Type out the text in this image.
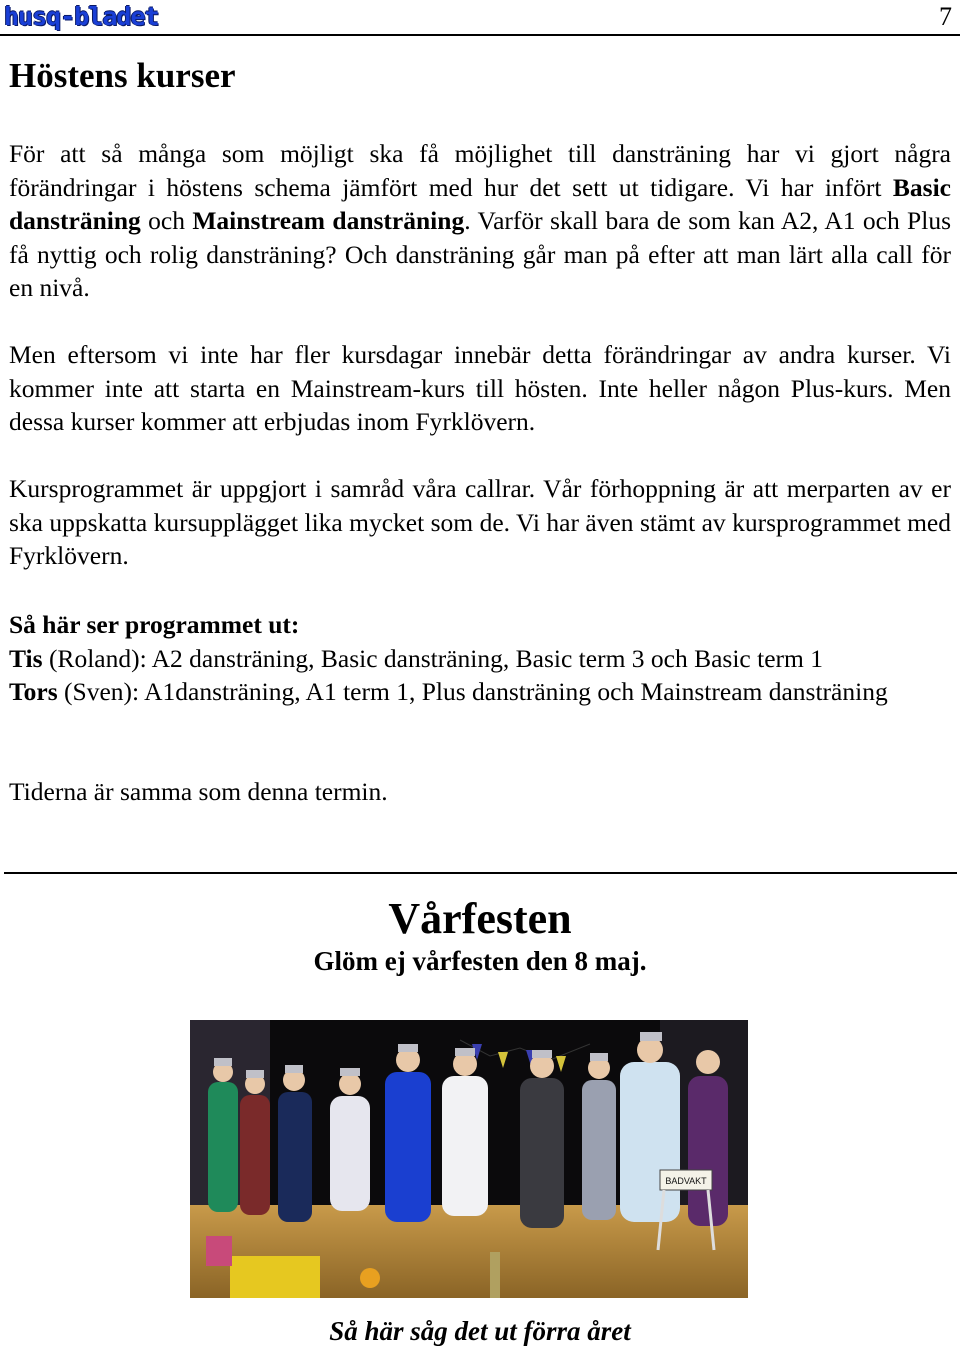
husq-bladet	7
Höstens kurser

För att så många som möjligt ska få möjlighet till dansträning har vi gjort några förändringar i höstens schema jämfört med hur det sett ut tidigare. Vi har infört Basic dansträning och Mainstream dansträning. Varför skall bara de som kan A2, A1 och Plus få nyttig och rolig dansträning? Och dansträning går man på efter att man lärt alla call för en nivå.

Men eftersom vi inte har fler kursdagar innebär detta förändringar av andra kurser. Vi kommer inte att starta en Mainstream-kurs till hösten. Inte heller någon Plus-kurs. Men dessa kurser kommer att erbjudas inom Fyrklövern.

Kursprogrammet är uppgjort i samråd våra callrar. Vår förhoppning är att merparten av er ska uppskatta kursupplägget lika mycket som de. Vi har även stämt av kursprogrammet med Fyrklövern.

Så här ser programmet ut:
Tis (Roland): A2 dansträning, Basic dansträning, Basic term 3 och Basic term 1
Tors (Sven): A1dansträning, A1 term 1, Plus dansträning och Mainstream dansträning

Tiderna är samma som denna termin.

Vårfesten
Glöm ej vårfesten den 8 maj.
BADVAKT
Så här såg det ut förra året
